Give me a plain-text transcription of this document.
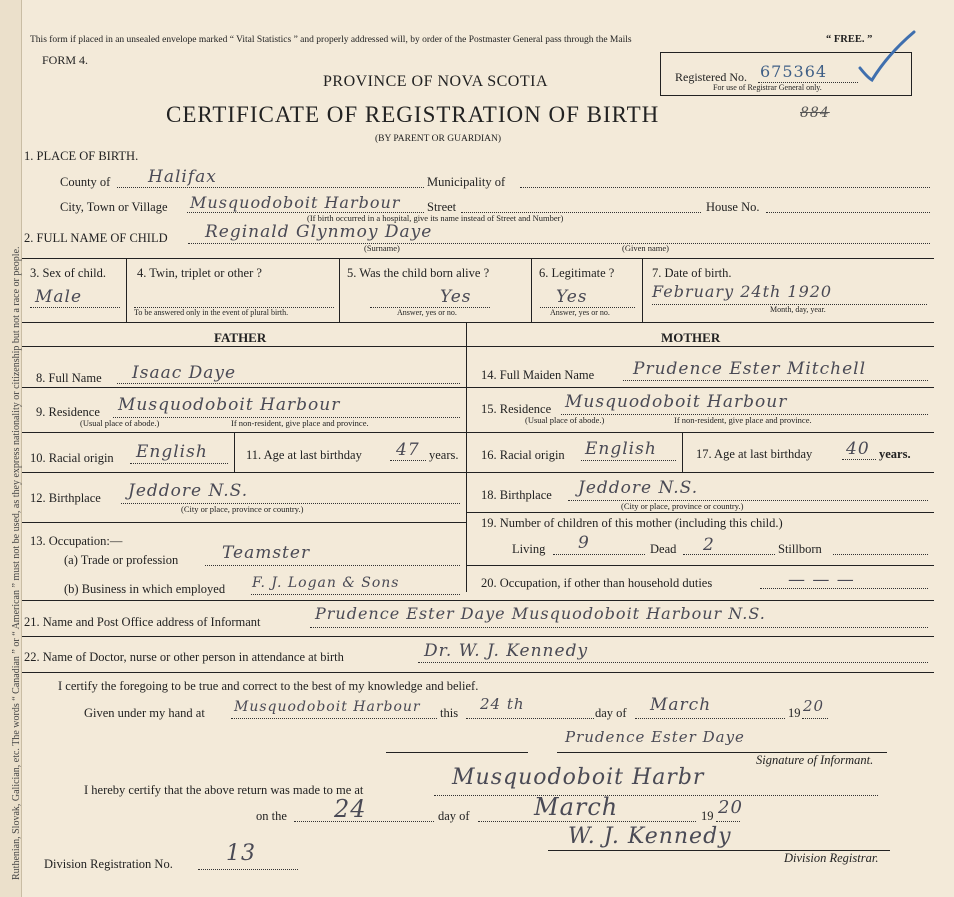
Ruthenian, Slovak, Galician, etc. The words “ Canadian ” or “ American ” must not be used, as they express nationality or citizenship but not a race or people.
This form if placed in an unsealed envelope marked “ Vital Statistics ” and properly addressed will, by order of the Postmaster General pass through the Mails	“ FREE. ”
FORM 4.
PROVINCE OF NOVA SCOTIA
CERTIFICATE OF REGISTRATION OF BIRTH	884
(BY PARENT OR GUARDIAN)
Registered No. 675364
For use of Registrar General only.
1. PLACE OF BIRTH.
County of Halifax	Municipality of
City, Town or Village Musquodoboit Harbour Street	House No.
(If birth occurred in a hospital, give its name instead of Street and Number)
2. FULL NAME OF CHILD Reginald Glynmoy Daye
(Surname)	(Given name)
3. Sex of child.
Male
4. Twin, triplet or other ?
To be answered only in the event of plural birth.
5. Was the child born alive ?
Yes
Answer, yes or no.
6. Legitimate ?
Yes
Answer, yes or no.
7. Date of birth.
February 24th 1920
Month, day, year.
FATHER	MOTHER
8. Full Name Isaac Daye	14. Full Maiden Name Prudence Ester Mitchell
9. Residence Musquodoboit Harbour
(Usual place of abode.)	If non-resident, give place and province.
15. Residence Musquodoboit Harbour
(Usual place of abode.)	If non-resident, give place and province.
10. Racial origin English	11. Age at last birthday 47 years. 16. Racial origin English	17. Age at last birthday 40 years.
12. Birthplace Jeddore N.S.
(City or place, province or country.)
18. Birthplace Jeddore N.S.
(City or place, province or country.)
13. Occupation:—
(a) Trade or profession	Teamster
19. Number of children of this mother (including this child.)
Living 9	Dead 2	Stillborn
(b) Business in which employed F. J. Logan & Sons	20. Occupation, if other than household duties	— — —
21. Name and Post Office address of Informant	Prudence Ester Daye Musquodoboit Harbour N.S.
22. Name of Doctor, nurse or other person in attendance at birth	Dr. W. J. Kennedy
I certify the foregoing to be true and correct to the best of my knowledge and belief.
Given under my hand at Musquodoboit Harbour this 24 th	day of March	19 20
Prudence Ester Daye
Signature of Informant.
I hereby certify that the above return was made to me at	Musquodoboit Harbr
on the 24	day of	March	19 20
Division Registration No. 13
W. J. Kennedy
Division Registrar.
